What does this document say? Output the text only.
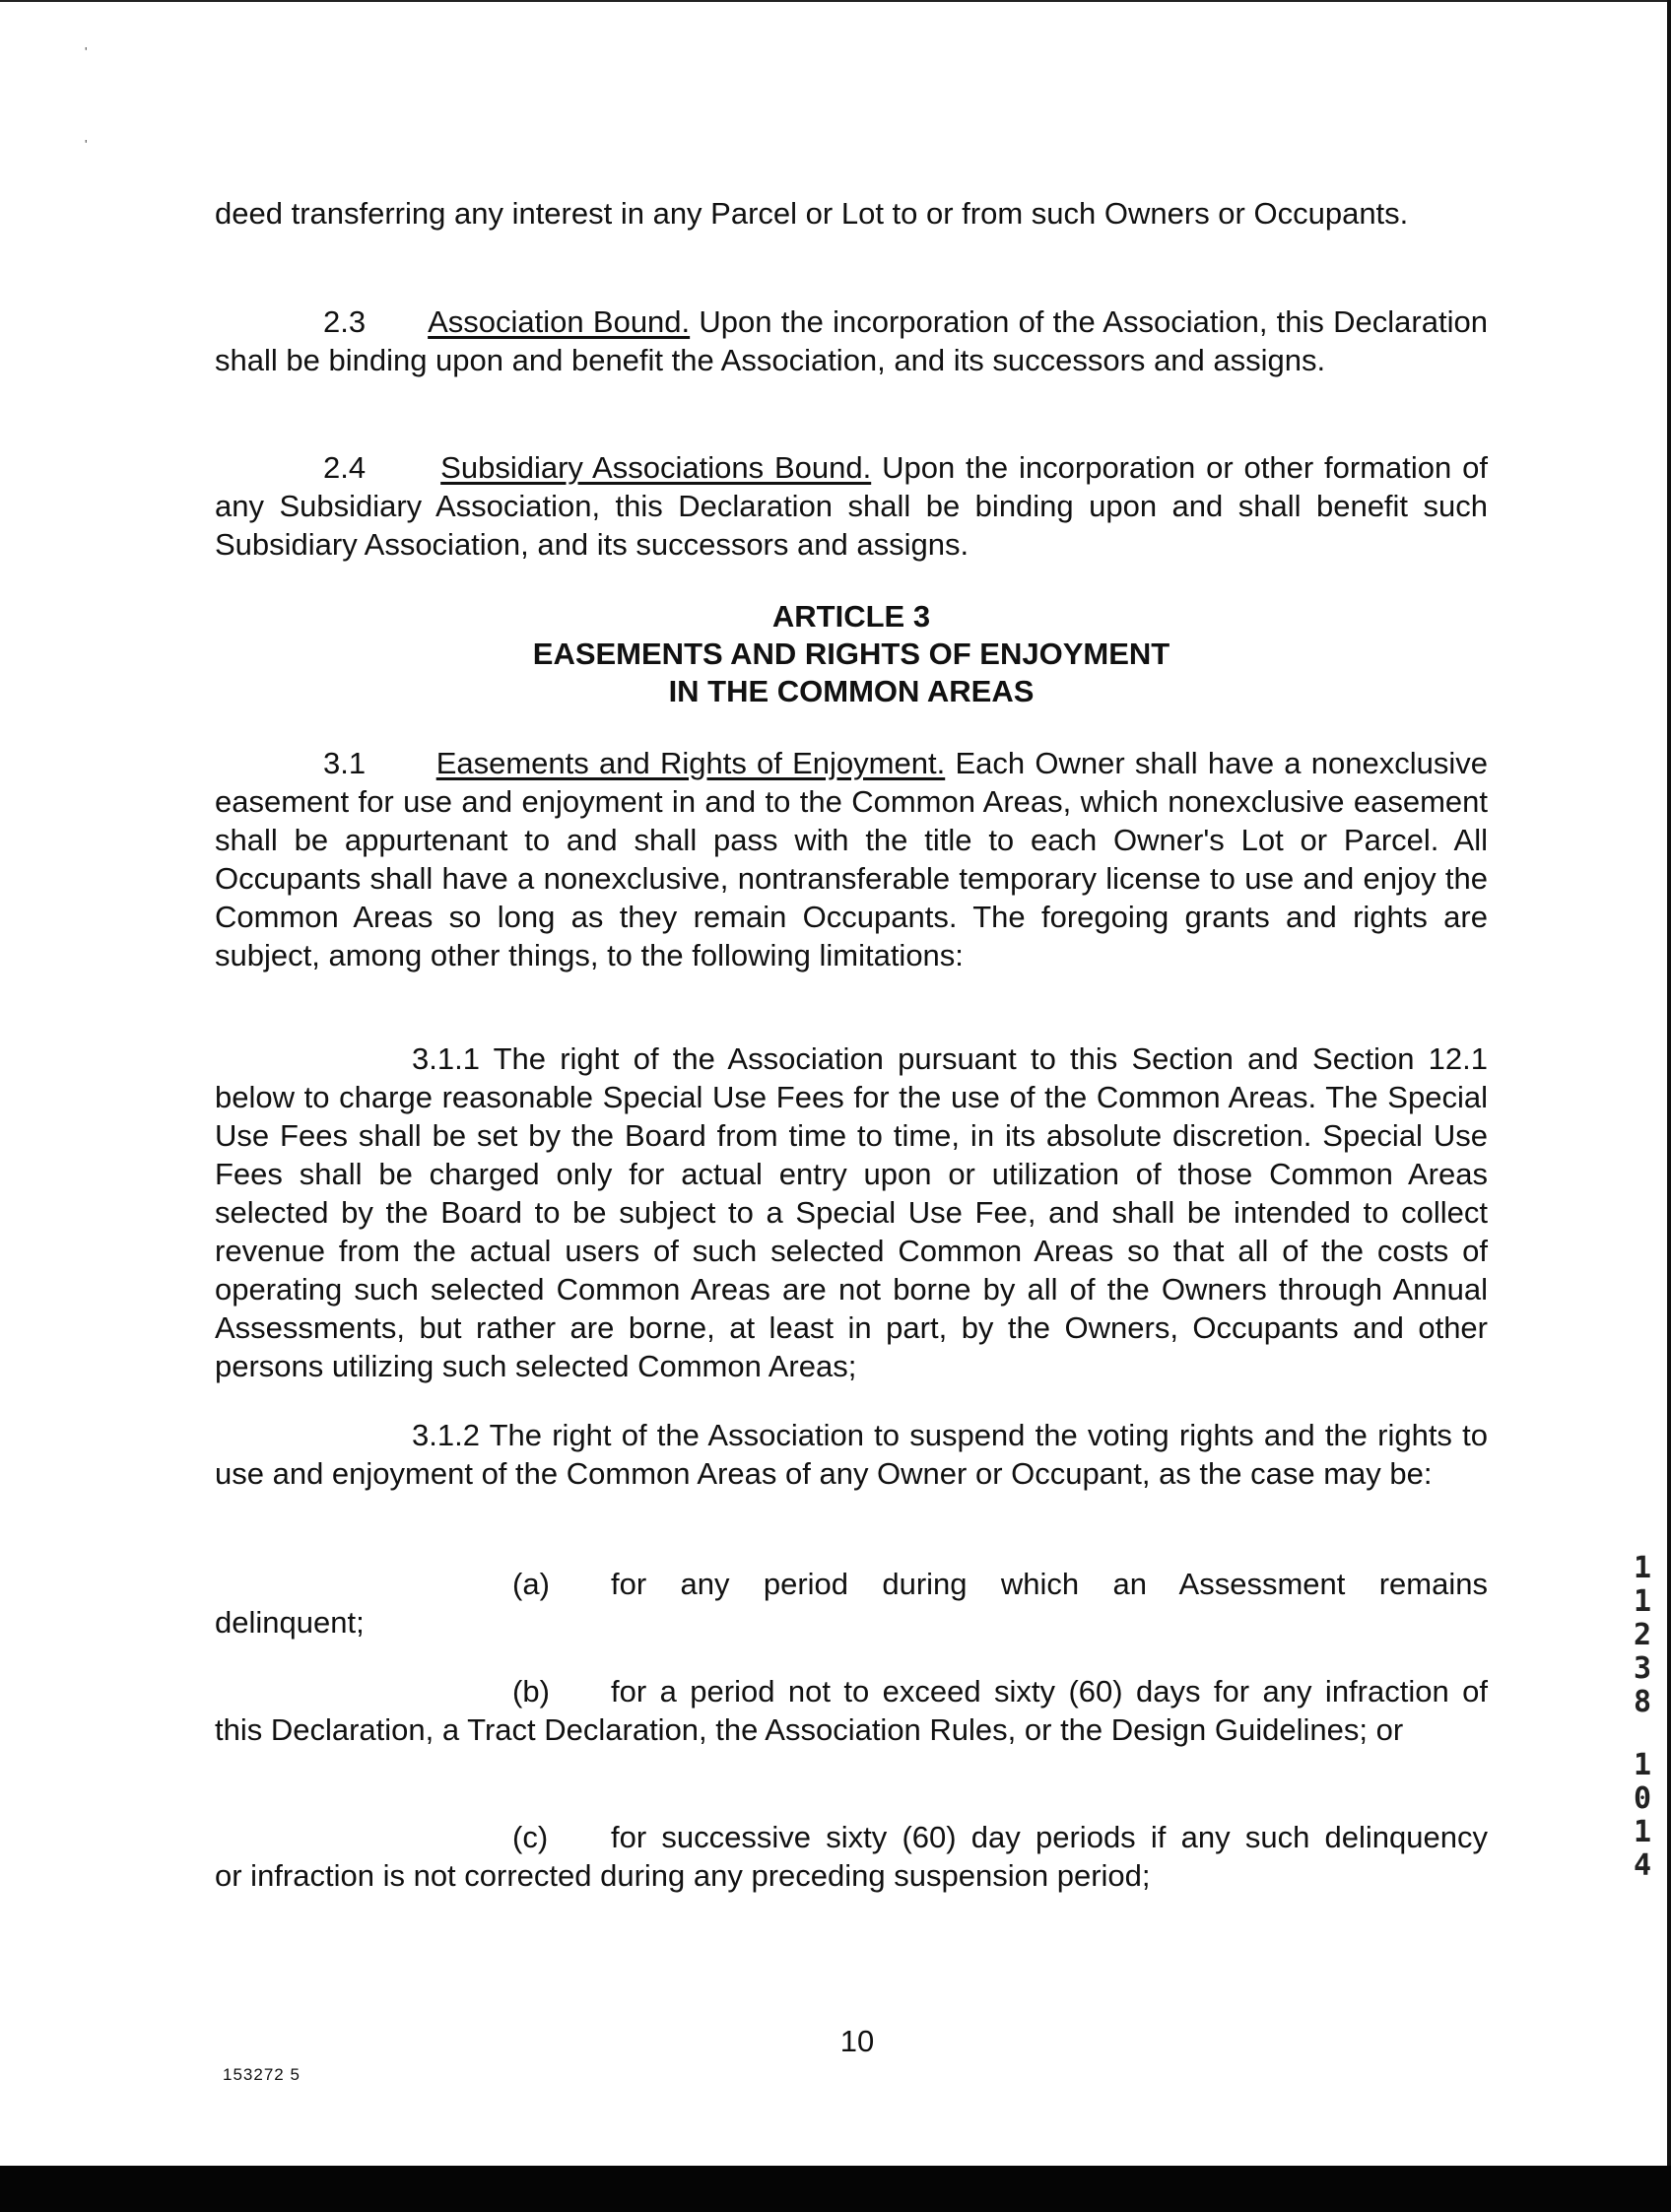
'
'

deed transferring any interest in any Parcel or Lot to or from such Owners or Occupants.

2.3 Association Bound. Upon the incorporation of the Association, this Declaration shall be binding upon and benefit the Association, and its successors and assigns.

2.4 Subsidiary Associations Bound. Upon the incorporation or other formation of any Subsidiary Association, this Declaration shall be binding upon and shall benefit such Subsidiary Association, and its successors and assigns.

ARTICLE 3
EASEMENTS AND RIGHTS OF ENJOYMENT
IN THE COMMON AREAS

3.1 Easements and Rights of Enjoyment. Each Owner shall have a nonexclusive easement for use and enjoyment in and to the Common Areas, which nonexclusive easement shall be appurtenant to and shall pass with the title to each Owner's Lot or Parcel. All Occupants shall have a nonexclusive, nontransferable temporary license to use and enjoy the Common Areas so long as they remain Occupants. The foregoing grants and rights are subject, among other things, to the following limitations:

3.1.1 The right of the Association pursuant to this Section and Section 12.1 below to charge reasonable Special Use Fees for the use of the Common Areas. The Special Use Fees shall be set by the Board from time to time, in its absolute discretion. Special Use Fees shall be charged only for actual entry upon or utilization of those Common Areas selected by the Board to be subject to a Special Use Fee, and shall be intended to collect revenue from the actual users of such selected Common Areas so that all of the costs of operating such selected Common Areas are not borne by all of the Owners through Annual Assessments, but rather are borne, at least in part, by the Owners, Occupants and other persons utilizing such selected Common Areas;

3.1.2 The right of the Association to suspend the voting rights and the rights to use and enjoyment of the Common Areas of any Owner or Occupant, as the case may be:

(a)	for any period during which an Assessment remains
delinquent;
(b)	for a period not to exceed sixty (60) days for any infraction of
this Declaration, a Tract Declaration, the Association Rules, or the Design Guidelines; or
(c)	for successive sixty (60) day periods if any such delinquency
or infraction is not corrected during any preceding suspension period;
10
153272 5
1
1
2
3
8
1
0
1
4
